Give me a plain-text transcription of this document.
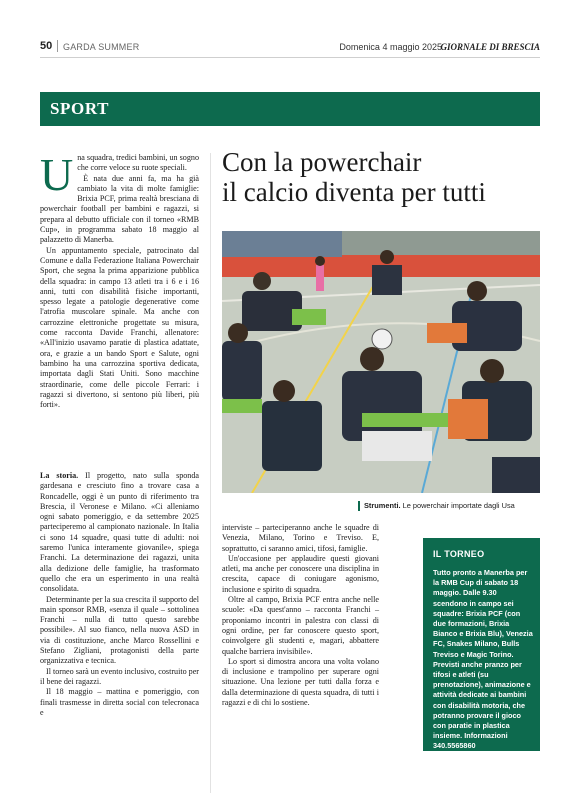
50 GARDA SUMMER	Domenica 4 maggio 2025
GIORNALE DI BRESCIA
SPORT
U na squadra, tredici bambini, un sogno che corre veloce su ruote speciali.

È nata due anni fa, ma ha già cambiato la vita di molte famiglie: Brixia PCF, prima realtà bresciana di powerchair football per bambini e ragazzi, si prepara al debutto ufficiale con il torneo «RMB Cup», in programma sabato 18 maggio al palazzetto di Manerba.

Un appuntamento speciale, patrocinato dal Comune e dalla Federazione Italiana Powerchair Sport, che segna la prima apparizione pubblica della squadra: in campo 13 atleti tra i 6 e i 16 anni, tutti con disabilità fisiche importanti, spesso legate a patologie degenerative come l'atrofia muscolare spinale. Ma anche con carrozzine elettroniche progettate su misura, come racconta Davide Franchi, allenatore: «All'inizio usavamo paratie di plastica adattate, ora, e grazie a un bando Sport e Salute, ogni bambino ha una carrozzina sportiva dedicata, importata dagli Stati Uniti. Sono macchine straordinarie, come delle piccole Ferrari: i ragazzi si divertono, si sentono più liberi, più forti».

La storia. Il progetto, nato sulla sponda gardesana e cresciuto fino a trovare casa a Roncadelle, oggi è un punto di riferimento tra Brescia, il Veronese e Milano. «Ci alleniamo ogni sabato pomeriggio, e da settembre 2025 parteciperemo al campionato nazionale. In Italia ci sono 14 squadre, quasi tutte di adulti: noi saremo l'unica interamente giovanile», spiega Franchi. La determinazione dei ragazzi, unita alla dedizione delle famiglie, ha trasformato quello che era un esperimento in una realtà consolidata.

Determinante per la sua crescita il supporto del main sponsor RMB, «senza il quale – sottolinea Franchi – nulla di tutto questo sarebbe possibile». Al suo fianco, nella nuova ASD in via di costituzione, anche Marco Rossellini e Stefano Zigliani, protagonisti della parte organizzativa e tecnica.

Il torneo sarà un evento inclusivo, costruito per il bene dei ragazzi.

Il 18 maggio – mattina e pomeriggio, con finali trasmesse in diretta social con telecronaca e

Con la powerchair
il calcio diventa per tutti
Strumenti. Le powerchair importate dagli Usa

interviste – parteciperanno anche le squadre di Venezia, Milano, Torino e Treviso. E, soprattutto, ci saranno amici, tifosi, famiglie.

Un'occasione per applaudire questi giovani atleti, ma anche per conoscere una disciplina in crescita, capace di coniugare agonismo, inclusione e spirito di squadra.

Oltre al campo, Brixia PCF entra anche nelle scuole: «Da quest'anno – racconta Franchi – proponiamo incontri in palestra con classi di ogni ordine, per far conoscere questo sport, coinvolgere gli studenti e, magari, abbattere qualche barriera invisibile».

Lo sport si dimostra ancora una volta volano di inclusione e trampolino per superare ogni situazione. Una lezione per tutti dalla forza e dalla determinazione di questa squadra, di tutti i ragazzi e di chi lo sostiene.

IL TORNEO
Tutto pronto a Manerba per la RMB Cup di sabato 18 maggio. Dalle 9.30 scendono in campo sei squadre: Brixia PCF (con due formazioni, Brixia Bianco e Brixia Blu), Venezia FC, Snakes Milano, Bulls Treviso e Magic Torino. Previsti anche pranzo per tifosi e atleti (su prenotazione), animazione e attività dedicate ai bambini con disabilità motoria, che potranno provare il gioco con paratie in plastica insieme. Informazioni 340.5565860 rixiapcf@gmail.com.
